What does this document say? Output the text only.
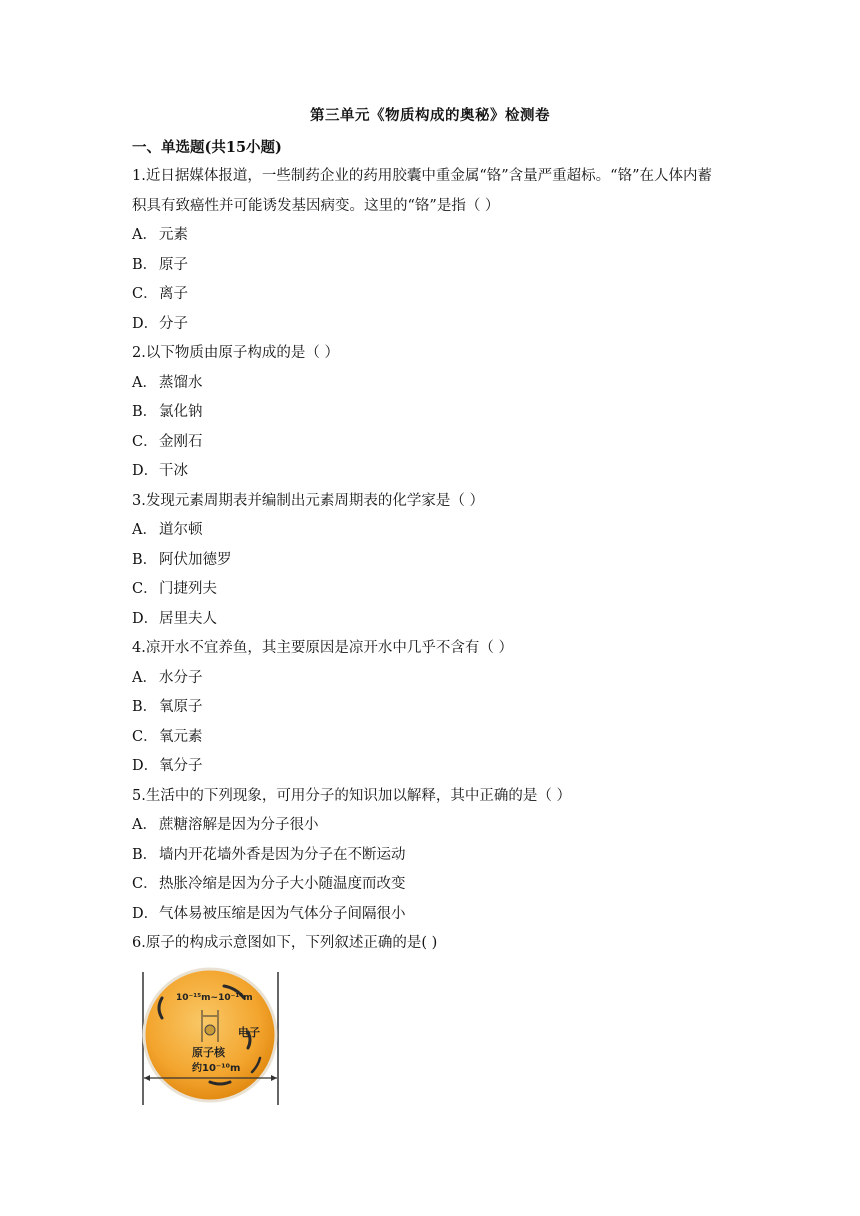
第三单元《物质构成的奥秘》检测卷
一、单选题(共15小题)

1.近日据媒体报道，一些制药企业的药用胶囊中重金属“铬”含量严重超标。“铬”在人体内蓄

积具有致癌性并可能诱发基因病变。这里的“铬”是指（ ）

A． 元素

B． 原子

C．离子

D．分子

2.以下物质由原子构成的是（ ）

A． 蒸馏水

B． 氯化钠

C．金刚石

D．干冰

3.发现元素周期表并编制出元素周期表的化学家是（ ）

A． 道尔顿

B． 阿伏加德罗

C．门捷列夫

D．居里夫人

4.凉开水不宜养鱼，其主要原因是凉开水中几乎不含有（ ）

A． 水分子

B． 氧原子

C．氧元素

D．氧分子

5.生活中的下列现象，可用分子的知识加以解释，其中正确的是（ ）

A． 蔗糖溶解是因为分子很小

B． 墙内开花墙外香是因为分子在不断运动

C．热胀冷缩是因为分子大小随温度而改变

D．气体易被压缩是因为气体分子间隔很小

6.原子的构成示意图如下，下列叙述正确的是( )

10⁻¹⁵m~10⁻¹⁴m
电子
原子核
约10⁻¹⁰m
